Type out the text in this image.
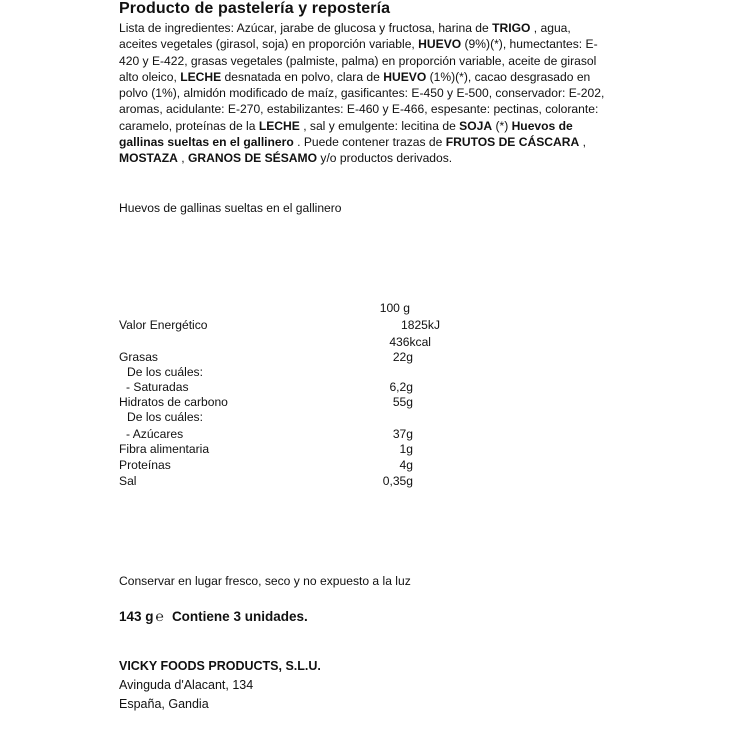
Producto de pastelería y repostería
Lista de ingredientes: Azúcar, jarabe de glucosa y fructosa, harina de TRIGO , agua, aceites vegetales (girasol, soja) en proporción variable, HUEVO (9%)(*), humectantes: E-420 y E-422, grasas vegetales (palmiste, palma) en proporción variable, aceite de girasol alto oleico, LECHE desnatada en polvo, clara de HUEVO (1%)(*), cacao desgrasado en polvo (1%), almidón modificado de maíz, gasificantes: E-450 y E-500, conservador: E-202, aromas, acidulante: E-270, estabilizantes: E-460 y E-466, espesante: pectinas, colorante: caramelo, proteínas de la LECHE , sal y emulgente: lecitina de SOJA (*) Huevos de gallinas sueltas en el gallinero . Puede contener trazas de FRUTOS DE CÁSCARA , MOSTAZA , GRANOS DE SÉSAMO y/o productos derivados.
Huevos de gallinas sueltas en el gallinero
100 g
Valor Energético	1825kJ
436kcal
Grasas	22g
De los cuáles:
- Saturadas	6,2g
Hidratos de carbono	55g
De los cuáles:
- Azúcares	37g
Fibra alimentaria	1g
Proteínas	4g
Sal	0,35g
Conservar en lugar fresco, seco y no expuesto a la luz
143 g ℮ Contiene 3 unidades.
VICKY FOODS PRODUCTS, S.L.U.
Avinguda d'Alacant, 134
España, Gandia
